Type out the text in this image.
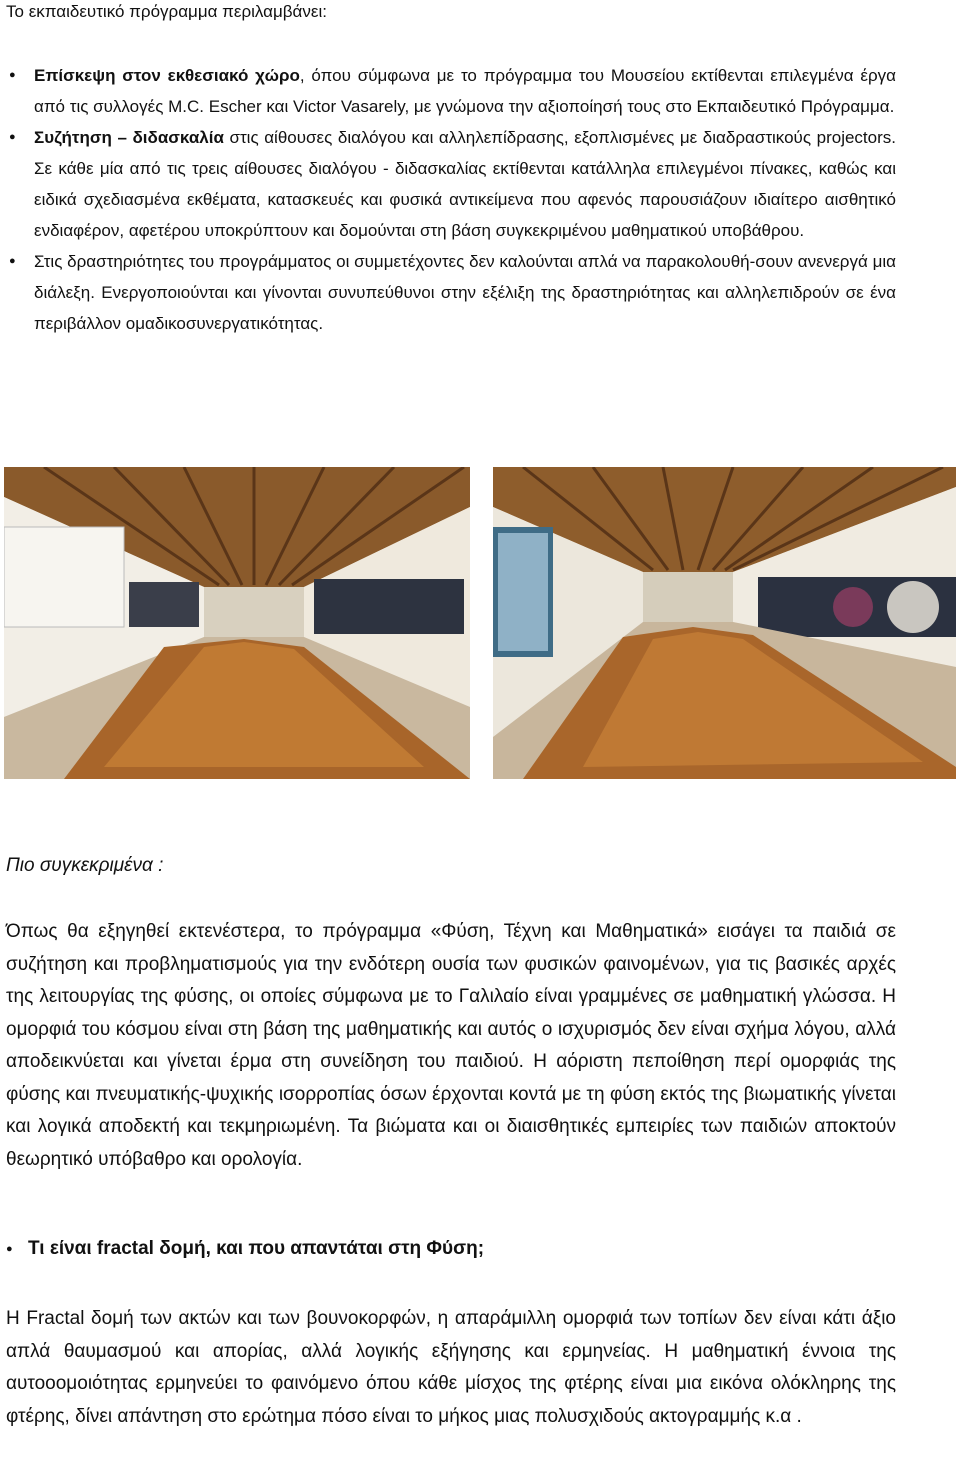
Το εκπαιδευτικό πρόγραμμα περιλαμβάνει:

● Επίσκεψη στον εκθεσιακό χώρο, όπου σύμφωνα με το πρόγραμμα του Μουσείου εκτίθενται επιλεγμένα έργα από τις συλλογές M.C. Escher και Victor Vasarely, με γνώμονα την αξιοποίησή τους στο Εκπαιδευτικό Πρόγραμμα.

● Συζήτηση – διδασκαλία στις αίθουσες διαλόγου και αλληλεπίδρασης, εξοπλισμένες με διαδραστικούς projectors. Σε κάθε μία από τις τρεις αίθουσες διαλόγου - διδασκαλίας εκτίθενται κατάλληλα επιλεγμένοι πίνακες, καθώς και ειδικά σχεδιασμένα εκθέματα, κατασκευές και φυσικά αντικείμενα που αφενός παρουσιάζουν ιδιαίτερο αισθητικό ενδιαφέρον, αφετέρου υποκρύπτουν και δομούνται στη βάση συγκεκριμένου μαθηματικού υποβάθρου.

● Στις δραστηριότητες του προγράμματος οι συμμετέχοντες δεν καλούνται απλά να παρακολουθή-σουν ανενεργά μια διάλεξη. Ενεργοποιούνται και γίνονται συνυπεύθυνοι στην εξέλιξη της δραστηριότητας και αλληλεπιδρούν σε ένα περιβάλλον ομαδικοσυνεργατικότητας.

Πιο συγκεκριμένα :
Όπως θα εξηγηθεί εκτενέστερα, το πρόγραμμα «Φύση, Τέχνη και Μαθηματικά» εισάγει τα παιδιά σε συζήτηση και προβληματισμούς για την ενδότερη ουσία των φυσικών φαινομένων, για τις βασικές αρχές της λειτουργίας της φύσης, οι οποίες σύμφωνα με το Γαλιλαίο είναι γραμμένες σε μαθηματική γλώσσα. Η ομορφιά του κόσμου είναι στη βάση της μαθηματικής και αυτός ο ισχυρισμός δεν είναι σχήμα λόγου, αλλά αποδεικνύεται και γίνεται έρμα στη συνείδηση του παιδιού. Η αόριστη πεποίθηση περί ομορφιάς της φύσης και πνευματικής-ψυχικής ισορροπίας όσων έρχονται κοντά με τη φύση εκτός της βιωματικής γίνεται και λογικά αποδεκτή και τεκμηριωμένη. Τα βιώματα και οι διαισθητικές εμπειρίες των παιδιών αποκτούν θεωρητικό υπόβαθρο και ορολογία.
● Τι είναι fractal δομή, και που απαντάται στη Φύση;
Η Fractal δομή των ακτών και των βουνοκορφών, η απαράμιλλη ομορφιά των τοπίων δεν είναι κάτι άξιο απλά θαυμασμού και απορίας, αλλά λογικής εξήγησης και ερμηνείας. Η μαθηματική έννοια της αυτοοομοιότητας ερμηνεύει το φαινόμενο όπου κάθε μίσχος της φτέρης είναι μια εικόνα ολόκληρης της φτέρης, δίνει απάντηση στο ερώτημα πόσο είναι το μήκος μιας πολυσχιδούς ακτογραμμής κ.α .
